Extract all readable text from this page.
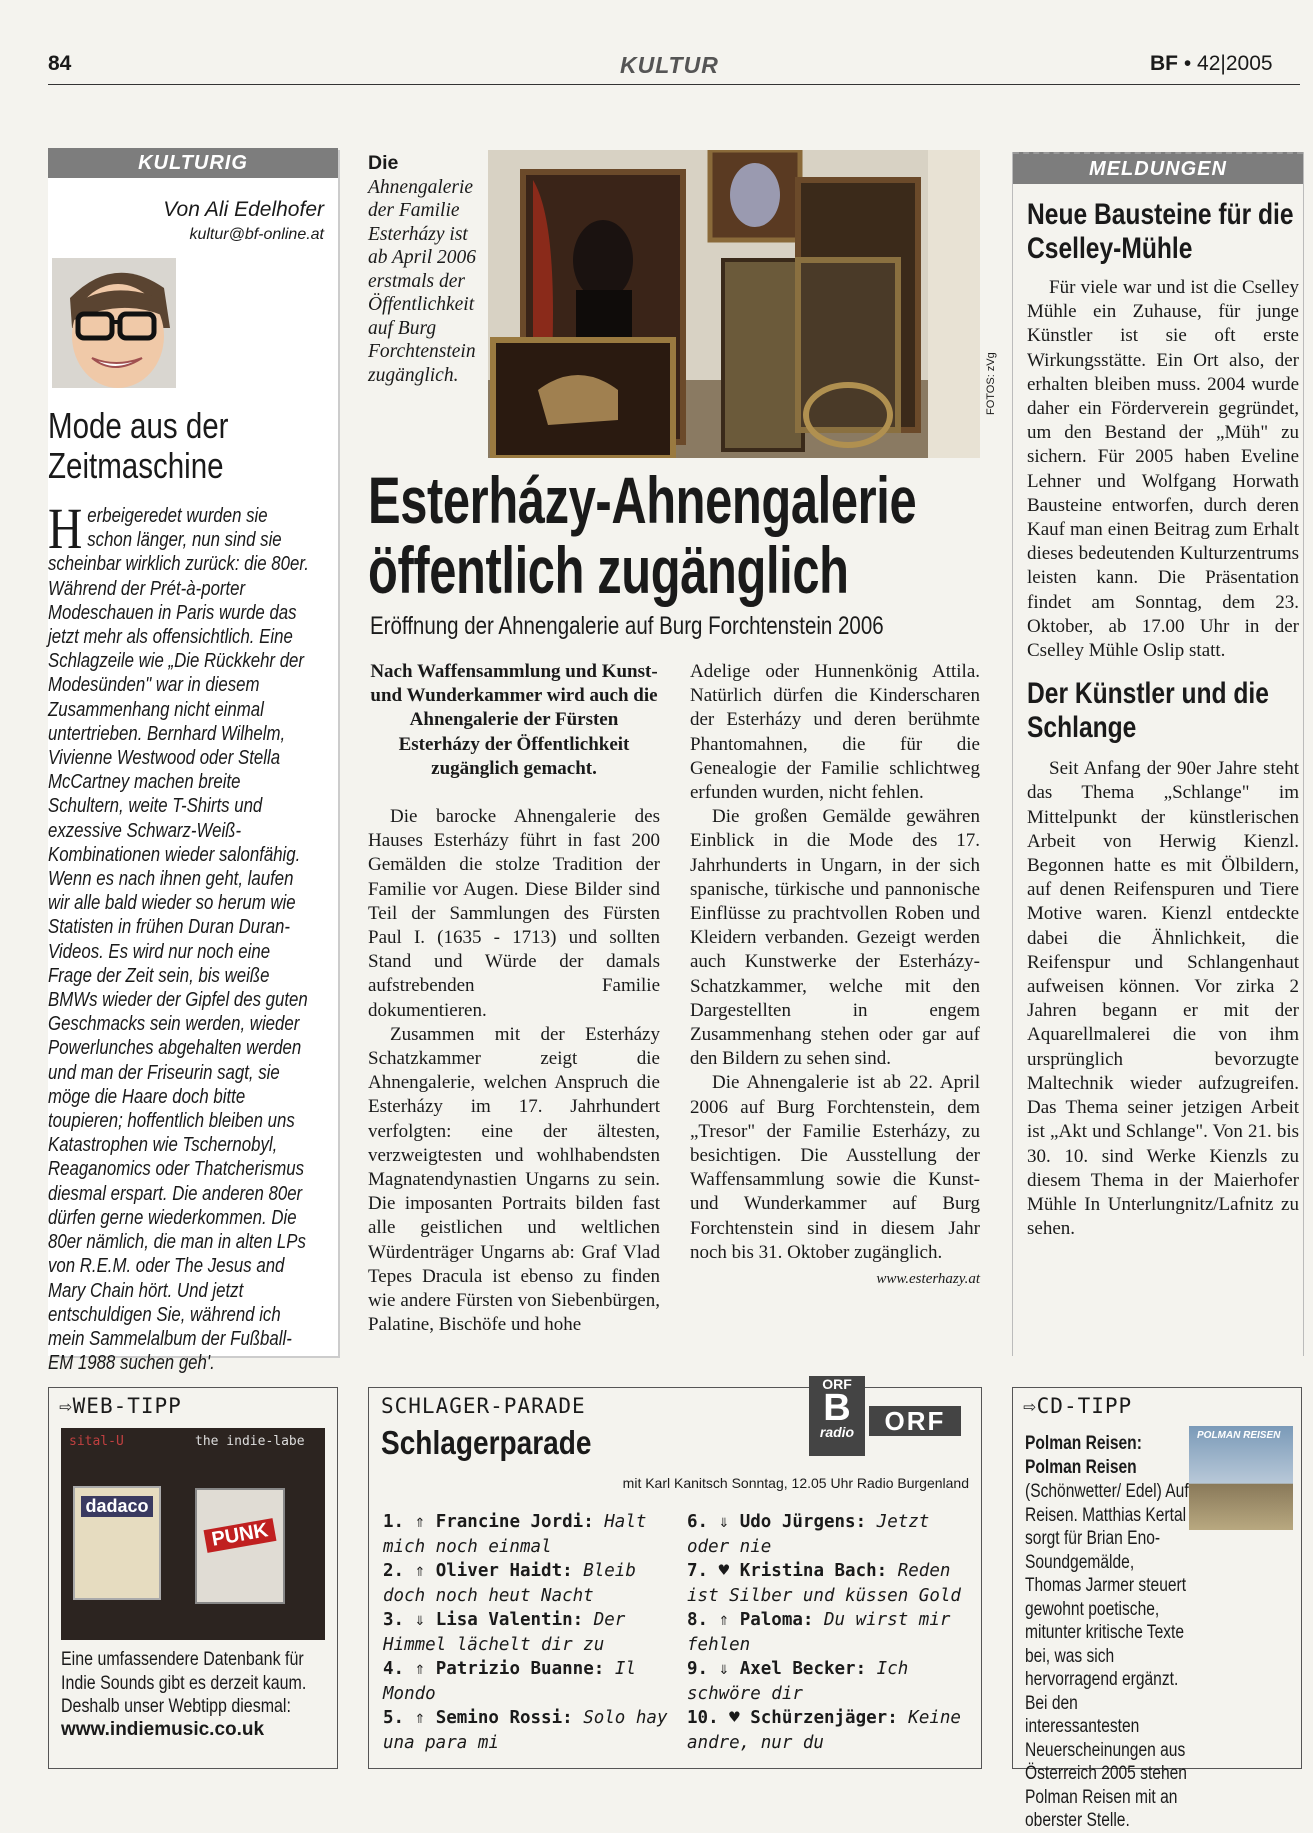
84	KULTUR	BF • 42|2005
KULTURIG
Von Ali Edelhofer
kultur@bf-online.at
Mode aus der Zeitmaschine
Herbeigeredet wurden sie schon länger, nun sind sie scheinbar wirklich zurück: die 80er. Während der Prét-à-porter Modeschauen in Paris wurde das jetzt mehr als offensichtlich. Eine Schlagzeile wie „Die Rückkehr der Modesünden" war in diesem Zusammenhang nicht einmal untertrieben. Bernhard Wilhelm, Vivienne Westwood oder Stella McCartney machen breite Schultern, weite T-Shirts und exzessive Schwarz-Weiß-Kombinationen wieder salonfähig. Wenn es nach ihnen geht, laufen wir alle bald wieder so herum wie Statisten in frühen Duran Duran-Videos. Es wird nur noch eine Frage der Zeit sein, bis weiße BMWs wieder der Gipfel des guten Geschmacks sein werden, wieder Powerlunches abgehalten werden und man der Friseurin sagt, sie möge die Haare doch bitte toupieren; hoffentlich bleiben uns Katastrophen wie Tschernobyl, Reaganomics oder Thatcherismus diesmal erspart. Die anderen 80er dürfen gerne wiederkommen. Die 80er nämlich, die man in alten LPs von R.E.M. oder The Jesus and Mary Chain hört. Und jetzt entschuldigen Sie, während ich mein Sammelalbum der Fußball-EM 1988 suchen geh'.
Die Ahnengalerie der Familie Esterházy ist ab April 2006 erstmals der Öffentlichkeit auf Burg Forchtenstein zugänglich.	FOTOS: zVg
Esterházy-Ahnengalerie
öffentlich zugänglich
Eröffnung der Ahnengalerie auf Burg Forchtenstein 2006

Nach Waffensammlung und Kunst- und Wunderkammer wird auch die Ahnengalerie der Fürsten Esterházy der Öffentlichkeit zugänglich gemacht.

Die barocke Ahnengalerie des Hauses Esterházy führt in fast 200 Gemälden die stolze Tradition der Familie vor Augen. Diese Bilder sind Teil der Sammlungen des Fürsten Paul I. (1635 - 1713) und sollten Stand und Würde der damals aufstrebenden Familie dokumentieren.

Zusammen mit der Esterházy Schatzkammer zeigt die Ahnengalerie, welchen Anspruch die Esterházy im 17. Jahrhundert verfolgten: eine der ältesten, verzweigtesten und wohlhabendsten Magnatendynastien Ungarns zu sein. Die imposanten Portraits bilden fast alle geistlichen und weltlichen Würdenträger Ungarns ab: Graf Vlad Tepes Dracula ist ebenso zu finden wie andere Fürsten von Siebenbürgen, Palatine, Bischöfe und hohe

Adelige oder Hunnenkönig Attila. Natürlich dürfen die Kinderscharen der Esterházy und deren berühmte Phantomahnen, die für die Genealogie der Familie schlichtweg erfunden wurden, nicht fehlen.

Die großen Gemälde gewähren Einblick in die Mode des 17. Jahrhunderts in Ungarn, in der sich spanische, türkische und pannonische Einflüsse zu prachtvollen Roben und Kleidern verbanden. Gezeigt werden auch Kunstwerke der Esterházy-Schatzkammer, welche mit den Dargestellten in engem Zusammenhang stehen oder gar auf den Bildern zu sehen sind.

Die Ahnengalerie ist ab 22. April 2006 auf Burg Forchtenstein, dem „Tresor" der Familie Esterházy, zu besichtigen. Die Ausstellung der Waffensammlung sowie die Kunst- und Wunderkammer auf Burg Forchtenstein sind in diesem Jahr noch bis 31. Oktober zugänglich.

www.esterhazy.at
MELDUNGEN
Neue Bausteine für die Cselley-Mühle

Für viele war und ist die Cselley Mühle ein Zuhause, für junge Künstler ist sie oft erste Wirkungsstätte. Ein Ort also, der erhalten bleiben muss. 2004 wurde daher ein Förderverein gegründet, um den Bestand der „Müh" zu sichern. Für 2005 haben Eveline Lehner und Wolfgang Horwath Bausteine entworfen, durch deren Kauf man einen Beitrag zum Erhalt dieses bedeutenden Kulturzentrums leisten kann. Die Präsentation findet am Sonntag, dem 23. Oktober, ab 17.00 Uhr in der Cselley Mühle Oslip statt.

Der Künstler und die Schlange

Seit Anfang der 90er Jahre steht das Thema „Schlange" im Mittelpunkt der künstlerischen Arbeit von Herwig Kienzl. Begonnen hatte es mit Ölbildern, auf denen Reifenspuren und Tiere Motive waren. Kienzl entdeckte dabei die Ähnlichkeit, die Reifenspur und Schlangenhaut aufweisen können. Vor zirka 2 Jahren begann er mit der Aquarellmalerei die von ihm ursprünglich bevorzugte Maltechnik wieder aufzugreifen. Das Thema seiner jetzigen Arbeit ist „Akt und Schlange". Von 21. bis 30. 10. sind Werke Kienzls zu diesem Thema in der Maierhofer Mühle In Unterlungnitz/Lafnitz zu sehen.

⇨WEB-TIPP
sital-U	the indie-labe
dadaco
PUNK
Eine umfassendere Datenbank für Indie Sounds gibt es derzeit kaum. Deshalb unser Webtipp diesmal:
www.indiemusic.co.uk
SCHLAGER-PARADE
Schlagerparade
ORF
B
radio	ORF
mit Karl Kanitsch Sonntag, 12.05 Uhr Radio Burgenland
1. ⇑ Francine Jordi: Halt mich noch einmal
2. ⇑ Oliver Haidt: Bleib doch noch heut Nacht
3. ⇓ Lisa Valentin: Der Himmel lächelt dir zu
4. ⇑ Patrizio Buanne: Il Mondo
5. ⇑ Semino Rossi: Solo hay una para mi
6. ⇓ Udo Jürgens: Jetzt oder nie
7. ♥ Kristina Bach: Reden ist Silber und küssen Gold
8. ⇑ Paloma: Du wirst mir fehlen
9. ⇓ Axel Becker: Ich schwöre dir
10. ♥ Schürzenjäger: Keine andre, nur du
⇨CD-TIPP
POLMAN REISEN
Polman Reisen: Polman Reisen
(Schönwetter/ Edel) Auf Reisen. Matthias Kertal sorgt für Brian Eno-Soundgemälde, Thomas Jarmer steuert gewohnt poetische, mitunter kritische Texte bei, was sich hervorragend ergänzt. Bei den interessantesten Neuerscheinungen aus Österreich 2005 stehen Polman Reisen mit an oberster Stelle.
